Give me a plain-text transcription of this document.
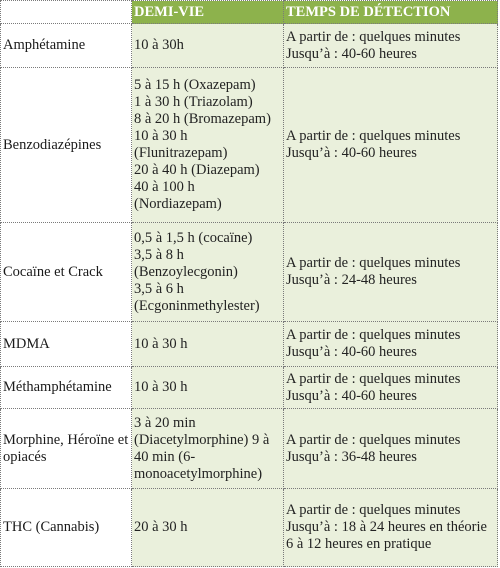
	DEMI-VIE	TEMPS DE DÉTECTION
Amphétamine	10 à 30h	A partir de : quelques minutes
Jusqu’à : 40-60 heures

Benzodiazépines	5 à 15 h (Oxazepam)
1 à 30 h (Triazolam)
8 à 20 h (Bromazepam) 10 à 30 h (Flunitrazepam)
20 à 40 h (Diazepam)
40 à 100 h (Nordiazepam)	A partir de : quelques minutes
Jusqu’à : 40-60 heures

Cocaïne et Crack	0,5 à 1,5 h (cocaïne)
3,5 à 8 h (Benzoylecgonin)
3,5 à 6 h (Ecgoninmethylester)	A partir de : quelques minutes
Jusqu’à : 24-48 heures

MDMA	10 à 30 h	A partir de : quelques minutes
Jusqu’à : 40-60 heures

Méthamphétamine	10 à 30 h	A partir de : quelques minutes
Jusqu’à : 40-60 heures

Morphine, Héroïne et opiacés	3 à 20 min (Diacetylmorphine) 9 à 40 min (6-monoacetylmorphine)	A partir de : quelques minutes
Jusqu’à : 36-48 heures

THC (Cannabis)	20 à 30 h	A partir de : quelques minutes
Jusqu’à : 18 à 24 heures en théorie 6 à 12 heures en pratique
